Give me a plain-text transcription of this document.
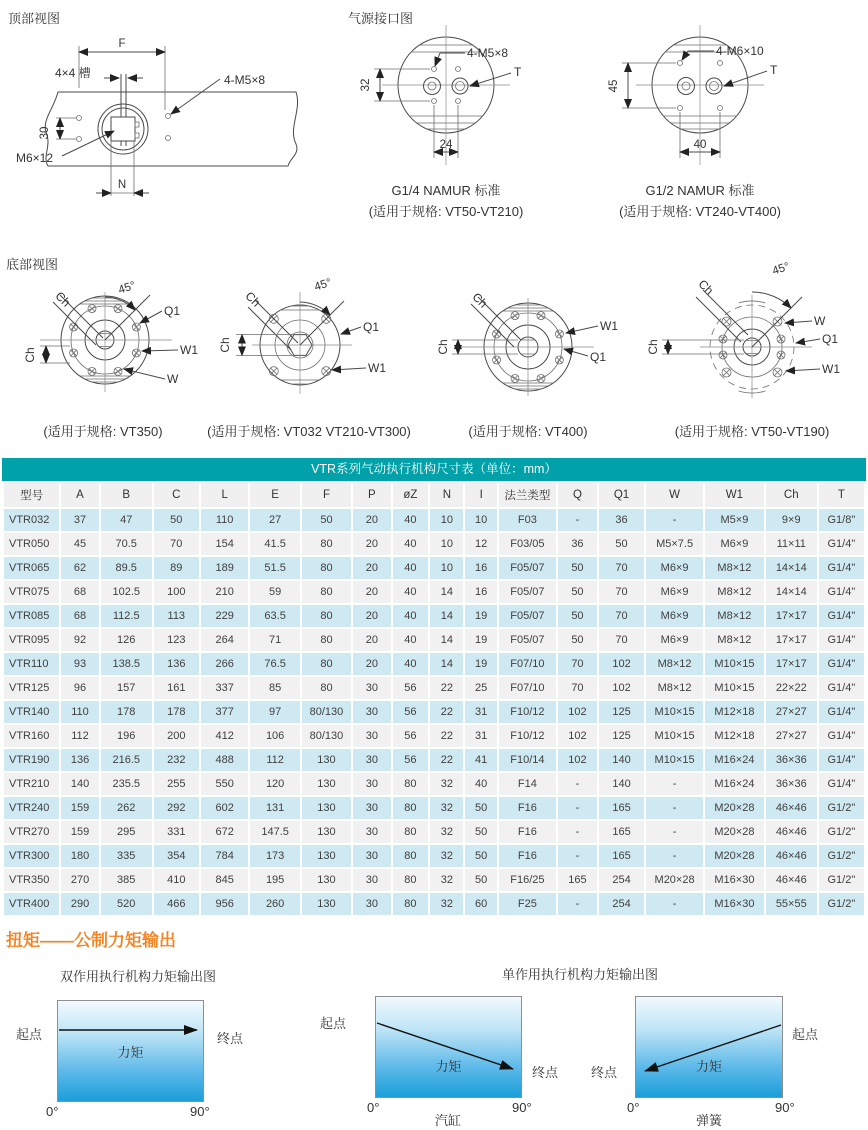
顶部视图	气源接口图
F
4×4 槽	4-M5×8
30
M6×12
N
32
24
4-M5×8
T
45
40
4-M6×10
T
G1/4 NAMUR 标准
(适用于规格: VT50-VT210)
G1/2 NAMUR 标准
(适用于规格: VT240-VT400)
底部视图
45°
Ch
Ch
Q1
W1
W
45°
Ch
Ch
Q1
W1
Ch
Ch
W1
Q1
45°
Ch
Ch
W
Q1
W1
(适用于规格: VT350)	(适用于规格: VT032 VT210-VT300)	(适用于规格: VT400)	(适用于规格: VT50-VT190)
VTR系列气动执行机构尺寸表（单位：mm）
型号	A	B	C	L	E	F	P	øZ	N	I	法兰类型	Q	Q1	W	W1	Ch	T
VTR032	37	47	50	110	27	50	20	40	10	10	F03	-	36	-	M5×9	9×9	G1/8"
VTR050	45	70.5	70	154	41.5	80	20	40	10	12	F03/05	36	50	M5×7.5	M6×9	11×11	G1/4"
VTR065	62	89.5	89	189	51.5	80	20	40	10	16	F05/07	50	70	M6×9	M8×12	14×14	G1/4"
VTR075	68	102.5	100	210	59	80	20	40	14	16	F05/07	50	70	M6×9	M8×12	14×14	G1/4"
VTR085	68	112.5	113	229	63.5	80	20	40	14	19	F05/07	50	70	M6×9	M8×12	17×17	G1/4"
VTR095	92	126	123	264	71	80	20	40	14	19	F05/07	50	70	M6×9	M8×12	17×17	G1/4"
VTR110	93	138.5	136	266	76.5	80	20	40	14	19	F07/10	70	102	M8×12	M10×15	17×17	G1/4"
VTR125	96	157	161	337	85	80	30	56	22	25	F07/10	70	102	M8×12	M10×15	22×22	G1/4"
VTR140	110	178	178	377	97	80/130	30	56	22	31	F10/12	102	125	M10×15	M12×18	27×27	G1/4"
VTR160	112	196	200	412	106	80/130	30	56	22	31	F10/12	102	125	M10×15	M12×18	27×27	G1/4"
VTR190	136	216.5	232	488	112	130	30	56	22	41	F10/14	102	140	M10×15	M16×24	36×36	G1/4"
VTR210	140	235.5	255	550	120	130	30	80	32	40	F14	-	140	-	M16×24	36×36	G1/4"
VTR240	159	262	292	602	131	130	30	80	32	50	F16	-	165	-	M20×28	46×46	G1/2"
VTR270	159	295	331	672	147.5	130	30	80	32	50	F16	-	165	-	M20×28	46×46	G1/2"
VTR300	180	335	354	784	173	130	30	80	32	50	F16	-	165	-	M20×28	46×46	G1/2"
VTR350	270	385	410	845	195	130	30	80	32	50	F16/25	165	254	M20×28	M16×30	46×46	G1/2"
VTR400	290	520	466	956	260	130	30	80	32	60	F25	-	254	-	M16×30	55×55	G1/2"
扭矩——公制力矩输出
双作用执行机构力矩输出图	单作用执行机构力矩输出图
起点	终点
力矩
0°	90°
起点
终点
力矩
0°	90°
汽缸
终点
起点
力矩
0°	90°
弹簧
